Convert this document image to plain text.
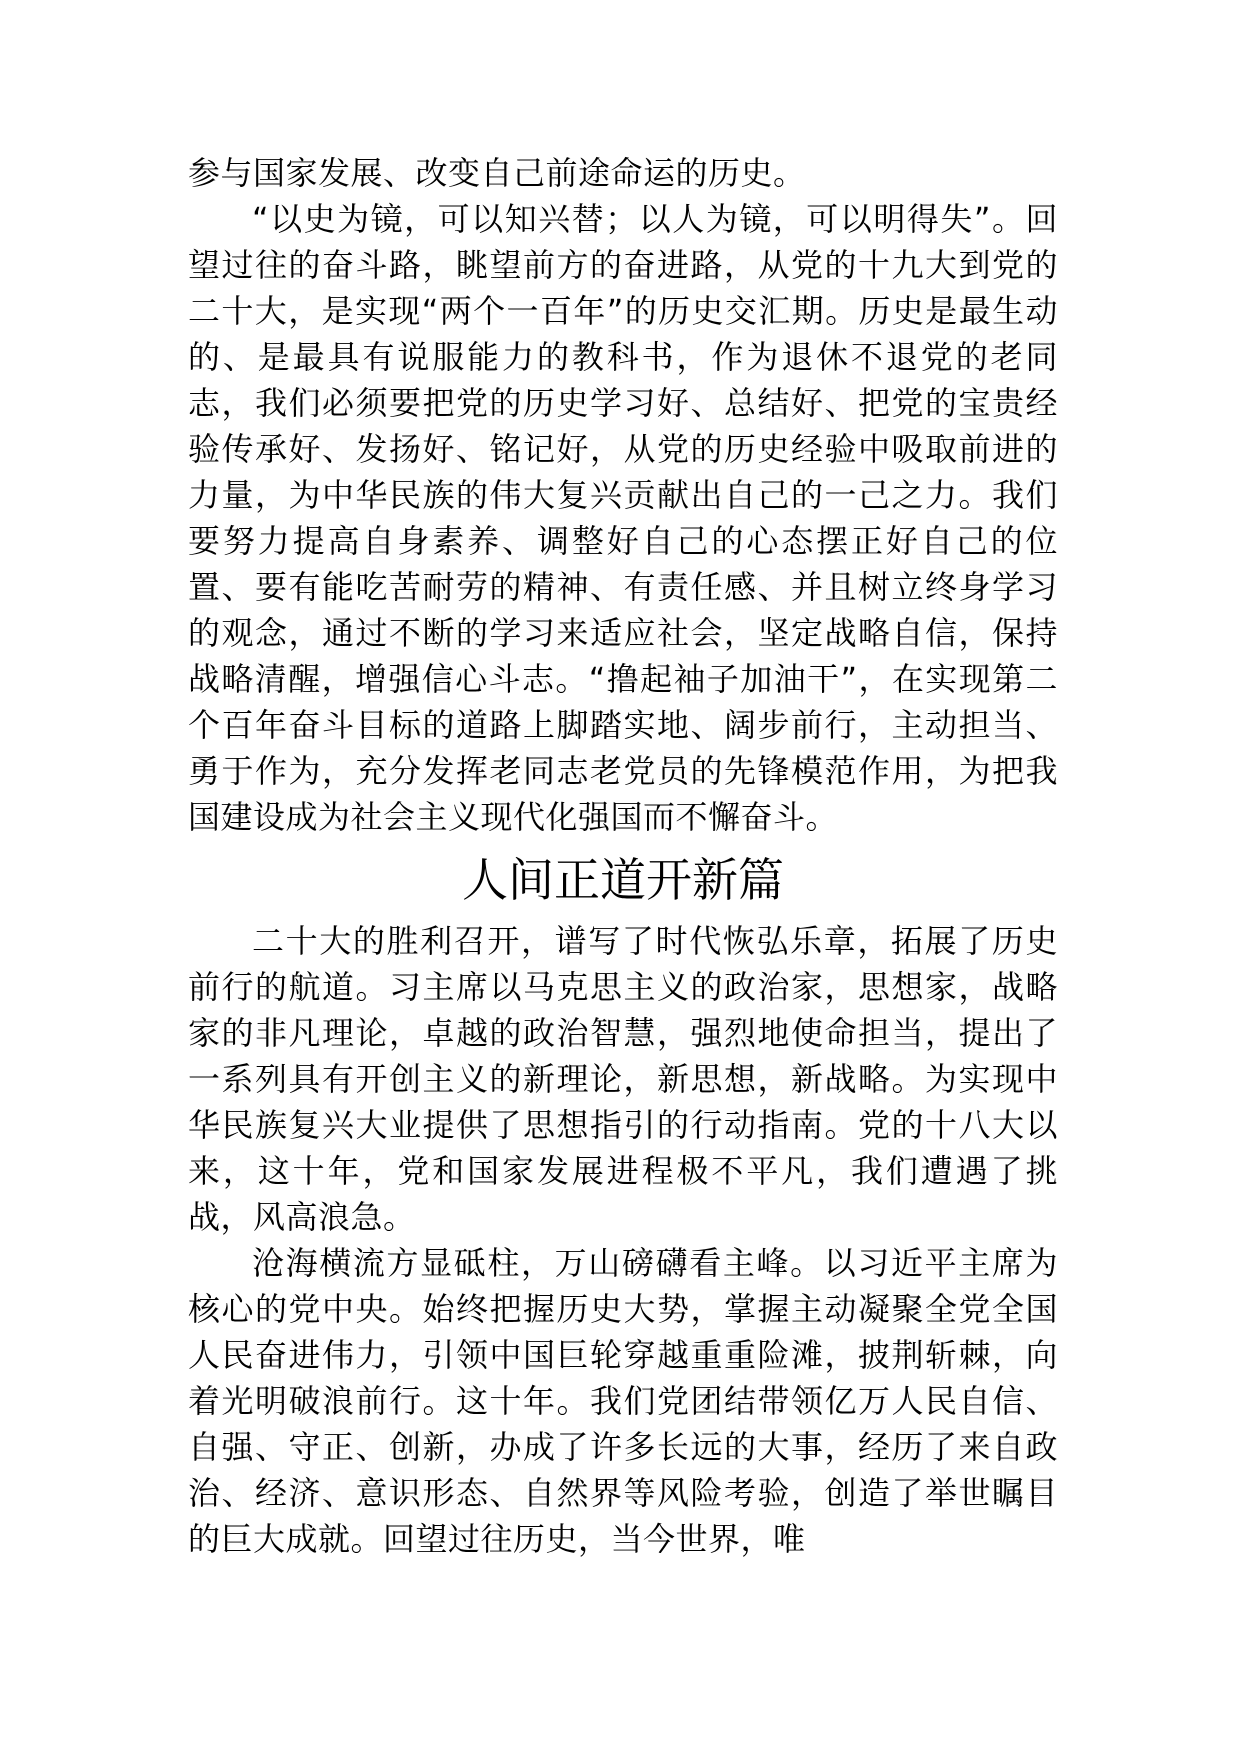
参与国家发展、改变自己前途命运的历史。

“以史为镜，可以知兴替；以人为镜，可以明得失”。回望过往的奋斗路，眺望前方的奋进路，从党的十九大到党的二十大，是实现“两个一百年”的历史交汇期。历史是最生动的、是最具有说服能力的教科书，作为退休不退党的老同志，我们必须要把党的历史学习好、总结好、把党的宝贵经验传承好、发扬好、铭记好，从党的历史经验中吸取前进的力量，为中华民族的伟大复兴贡献出自己的一己之力。我们要努力提高自身素养、调整好自己的心态摆正好自己的位置、要有能吃苦耐劳的精神、有责任感、并且树立终身学习的观念，通过不断的学习来适应社会，坚定战略自信，保持战略清醒，增强信心斗志。“撸起袖子加油干”，在实现第二个百年奋斗目标的道路上脚踏实地、阔步前行，主动担当、勇于作为，充分发挥老同志老党员的先锋模范作用，为把我国建设成为社会主义现代化强国而不懈奋斗。

人间正道开新篇

二十大的胜利召开，谱写了时代恢弘乐章，拓展了历史前行的航道。习主席以马克思主义的政治家，思想家，战略家的非凡理论，卓越的政治智慧，强烈地使命担当，提出了一系列具有开创主义的新理论，新思想，新战略。为实现中华民族复兴大业提供了思想指引的行动指南。党的十八大以来，这十年，党和国家发展进程极不平凡，我们遭遇了挑战，风高浪急。

沧海横流方显砥柱，万山磅礴看主峰。以习近平主席为核心的党中央。始终把握历史大势，掌握主动凝聚全党全国人民奋进伟力，引领中国巨轮穿越重重险滩，披荆斩棘，向着光明破浪前行。这十年。我们党团结带领亿万人民自信、自强、守正、创新，办成了许多长远的大事，经历了来自政治、经济、意识形态、自然界等风险考验，创造了举世瞩目的巨大成就。回望过往历史，当今世界，唯
